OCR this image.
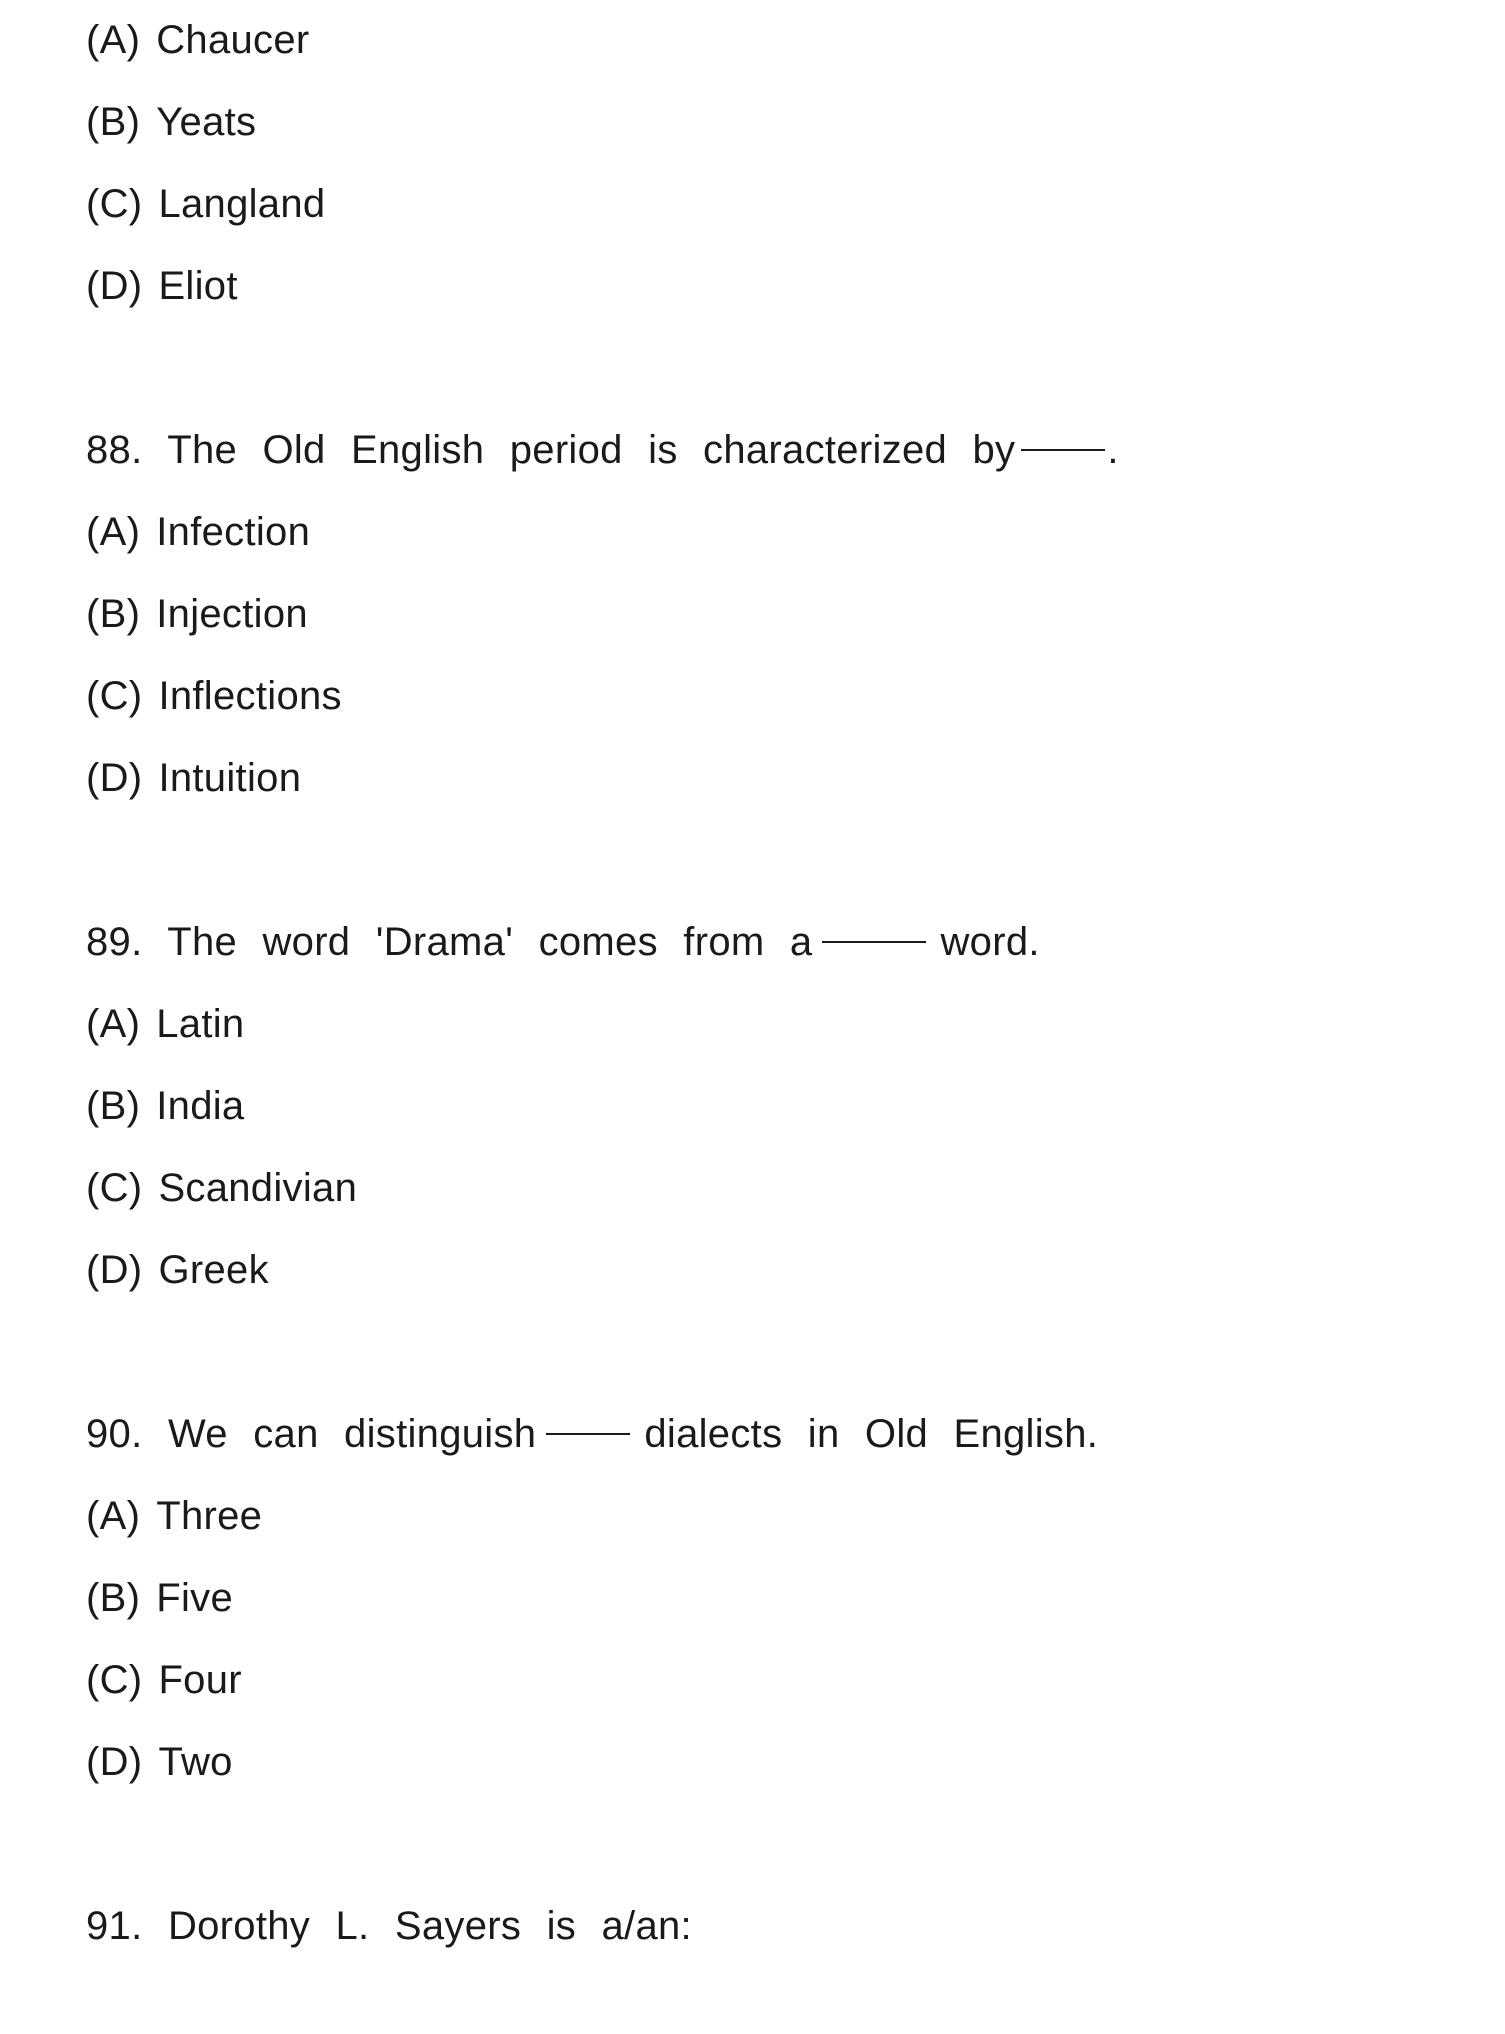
(A) Chaucer
(B) Yeats
(C) Langland
(D) Eliot
88. The Old English period is characterized by .
(A) Infection
(B) Injection
(C) Inflections
(D) Intuition
89. The word 'Drama' comes from a	word.
(A) Latin
(B) India
(C) Scandivian
(D) Greek
90. We can distinguish	dialects in Old English.
(A) Three
(B) Five
(C) Four
(D) Two
91. Dorothy L. Sayers is a/an:
